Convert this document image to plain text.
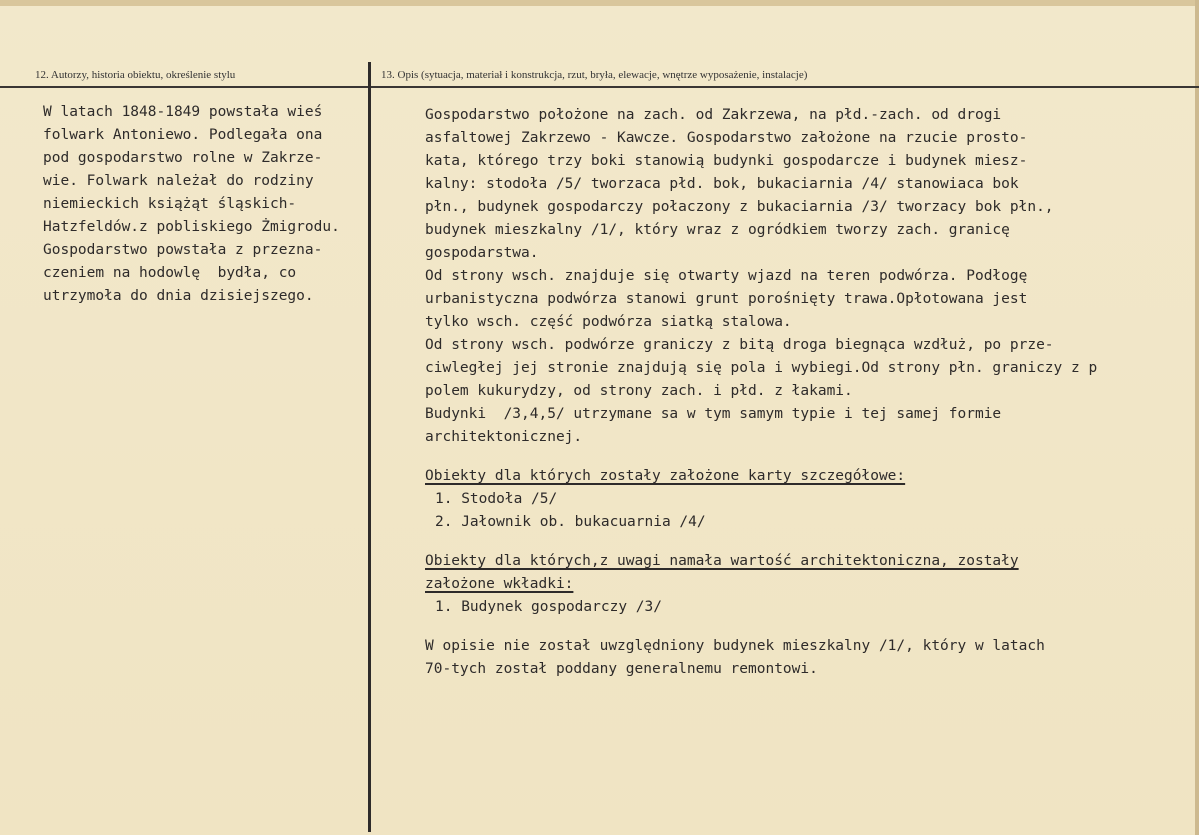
12. Autorzy, historia obiektu, określenie stylu	13. Opis (sytuacja, materiał i konstrukcja, rzut, bryła, elewacje, wnętrze wyposażenie, instalacje)
W latach 1848-1849 powstała wieś
folwark Antoniewo. Podlegała ona
pod gospodarstwo rolne w Zakrze-
wie. Folwark należał do rodziny
niemieckich książąt śląskich-
Hatzfeldów.z pobliskiego Żmigrodu.
Gospodarstwo powstała z przezna-
czeniem na hodowlę  bydła, co
utrzymoła do dnia dzisiejszego.
Gospodarstwo położone na zach. od Zakrzewa, na płd.-zach. od drogi
asfaltowej Zakrzewo - Kawcze. Gospodarstwo założone na rzucie prosto-
kata, którego trzy boki stanowią budynki gospodarcze i budynek miesz-
kalny: stodoła /5/ tworzaca płd. bok, bukaciarnia /4/ stanowiaca bok
płn., budynek gospodarczy połaczony z bukaciarnia /3/ tworzacy bok płn.,
budynek mieszkalny /1/, który wraz z ogródkiem tworzy zach. granicę
gospodarstwa.
Od strony wsch. znajduje się otwarty wjazd na teren podwórza. Podłogę
urbanistyczna podwórza stanowi grunt porośnięty trawa.Opłotowana jest
tylko wsch. część podwórza siatką stalowa.
Od strony wsch. podwórze graniczy z bitą droga biegnąca wzdłuż, po prze-
ciwległej jej stronie znajdują się pola i wybiegi.Od strony płn. graniczy z p
polem kukurydzy, od strony zach. i płd. z łakami.
Budynki  /3,4,5/ utrzymane sa w tym samym typie i tej samej formie
architektonicznej.
Obiekty dla których zostały założone karty szczegółowe:
1. Stodoła /5/
2. Jałownik ob. bukacuarnia /4/
Obiekty dla których,z uwagi namała wartość architektoniczna, zostały
założone wkładki:
1. Budynek gospodarczy /3/
W opisie nie został uwzględniony budynek mieszkalny /1/, który w latach
70-tych został poddany generalnemu remontowi.
